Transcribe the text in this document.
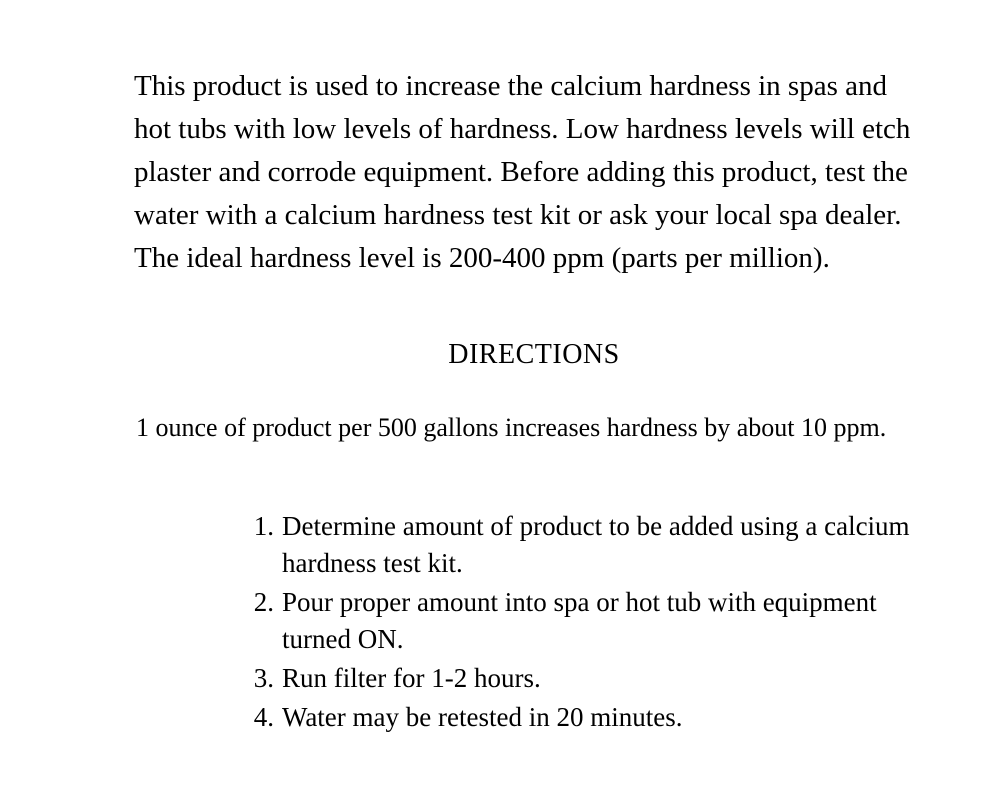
This product is used to increase the calcium hardness in spas and hot tubs with low levels of hardness. Low hardness levels will etch plaster and corrode equipment. Before adding this product, test the water with a calcium hardness test kit or ask your local spa dealer. The ideal hardness level is 200-400 ppm (parts per million).

DIRECTIONS

1 ounce of product per 500 gallons increases hardness by about 10 ppm.

1. Determine amount of product to be added using a calcium hardness test kit.
2. Pour proper amount into spa or hot tub with equipment turned ON.
3. Run filter for 1-2 hours.
4. Water may be retested in 20 minutes.
